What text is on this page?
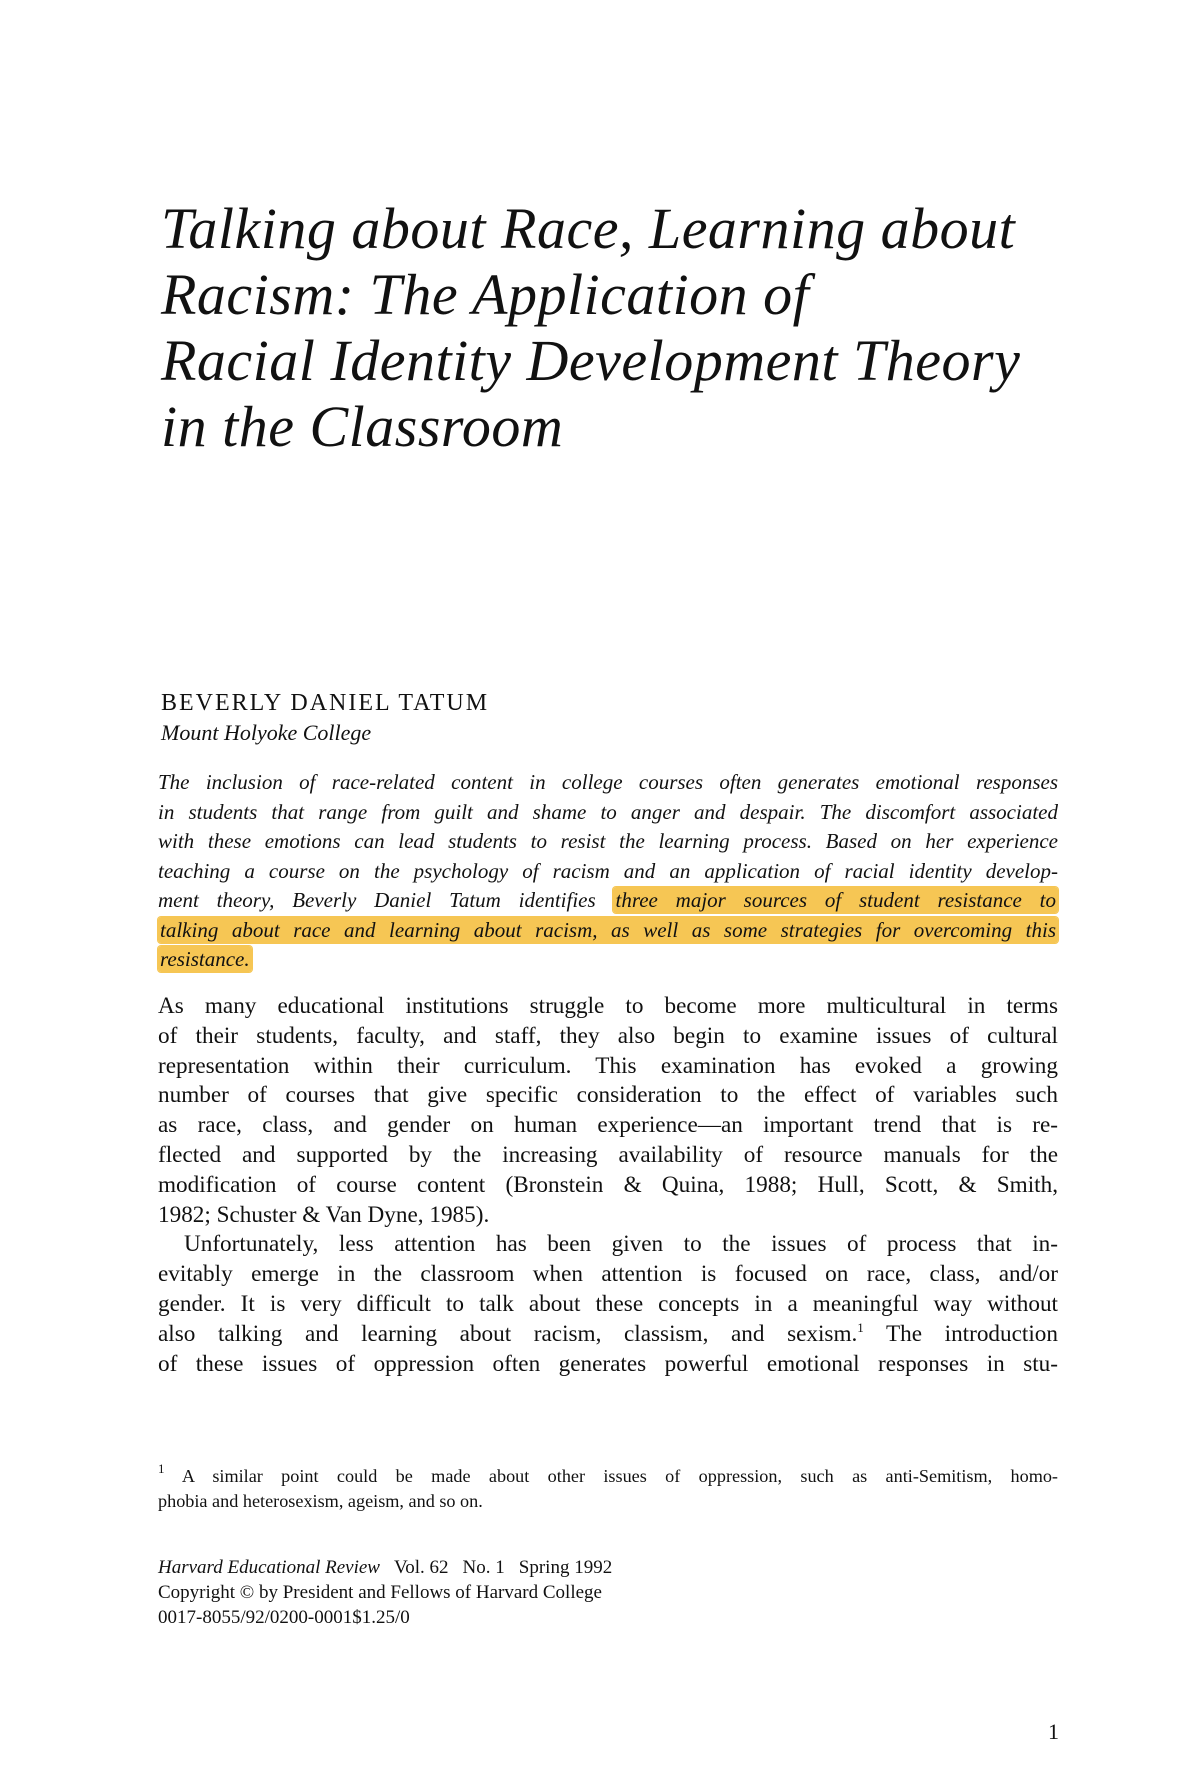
Talking about Race, Learning about
Racism: The Application of
Racial Identity Development Theory
in the Classroom
BEVERLY DANIEL TATUM
Mount Holyoke College
The inclusion of race-related content in college courses often generates emotional responses
in students that range from guilt and shame to anger and despair. The discomfort associated
with these emotions can lead students to resist the learning process. Based on her experience
teaching a course on the psychology of racism and an application of racial identity develop-
ment theory, Beverly Daniel Tatum identifies three major sources of student resistance to
talking about race and learning about racism, as well as some strategies for overcoming this
resistance.
As many educational institutions struggle to become more multicultural in terms
of their students, faculty, and staff, they also begin to examine issues of cultural
representation within their curriculum. This examination has evoked a growing
number of courses that give specific consideration to the effect of variables such
as race, class, and gender on human experience—an important trend that is re-
flected and supported by the increasing availability of resource manuals for the
modification of course content (Bronstein & Quina, 1988; Hull, Scott, & Smith,
1982; Schuster & Van Dyne, 1985).
Unfortunately, less attention has been given to the issues of process that in-
evitably emerge in the classroom when attention is focused on race, class, and/or
gender. It is very difficult to talk about these concepts in a meaningful way without
also talking and learning about racism, classism, and sexism.$^1$ The introduction
of these issues of oppression often generates powerful emotional responses in stu-
$^1$ A similar point could be made about other issues of oppression, such as anti-Semitism, homo-
phobia and heterosexism, ageism, and so on.
Harvard Educational Review Vol. 62 No. 1 Spring 1992
Copyright © by President and Fellows of Harvard College
0017-8055/92/0200-0001$1.25/0
1
